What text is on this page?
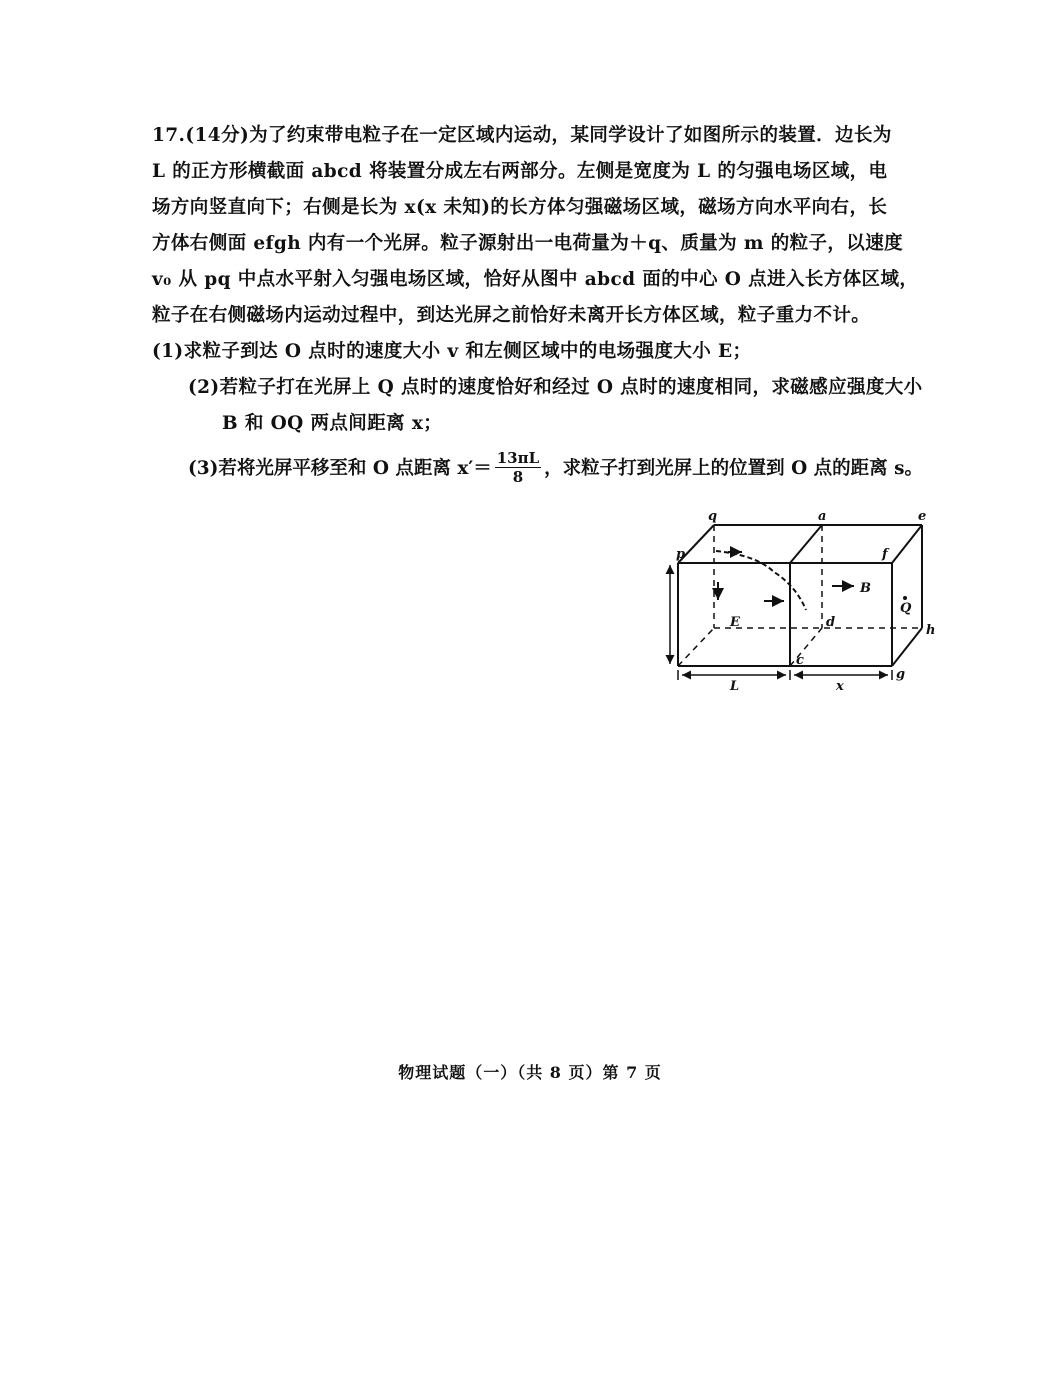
17.(14分)为了约束带电粒子在一定区域内运动，某同学设计了如图所示的装置．边长为
L 的正方形横截面 abcd 将装置分成左右两部分。左侧是宽度为 L 的匀强电场区域，电
场方向竖直向下；右侧是长为 x(x 未知)的长方体匀强磁场区域，磁场方向水平向右，长
方体右侧面 efgh 内有一个光屏。粒子源射出一电荷量为＋q、质量为 m 的粒子，以速度
v₀ 从 pq 中点水平射入匀强电场区域，恰好从图中 abcd 面的中心 O 点进入长方体区域，
粒子在右侧磁场内运动过程中，到达光屏之前恰好未离开长方体区域，粒子重力不计。
(1)求粒子到达 O 点时的速度大小 v 和左侧区域中的电场强度大小 E；
(2)若粒子打在光屏上 Q 点时的速度恰好和经过 O 点时的速度相同，求磁感应强度大小
B 和 OQ 两点间距离 x；
(3)若将光屏平移至和 O 点距离 $x'= \frac{13\pi L}{8}$ ，求粒子打到光屏上的位置到 O 点的距离 s。
q	a	e
p	f
h
g
c
d
E
B
Q
L	x
物理试题（一）（共 8 页）第 7 页
